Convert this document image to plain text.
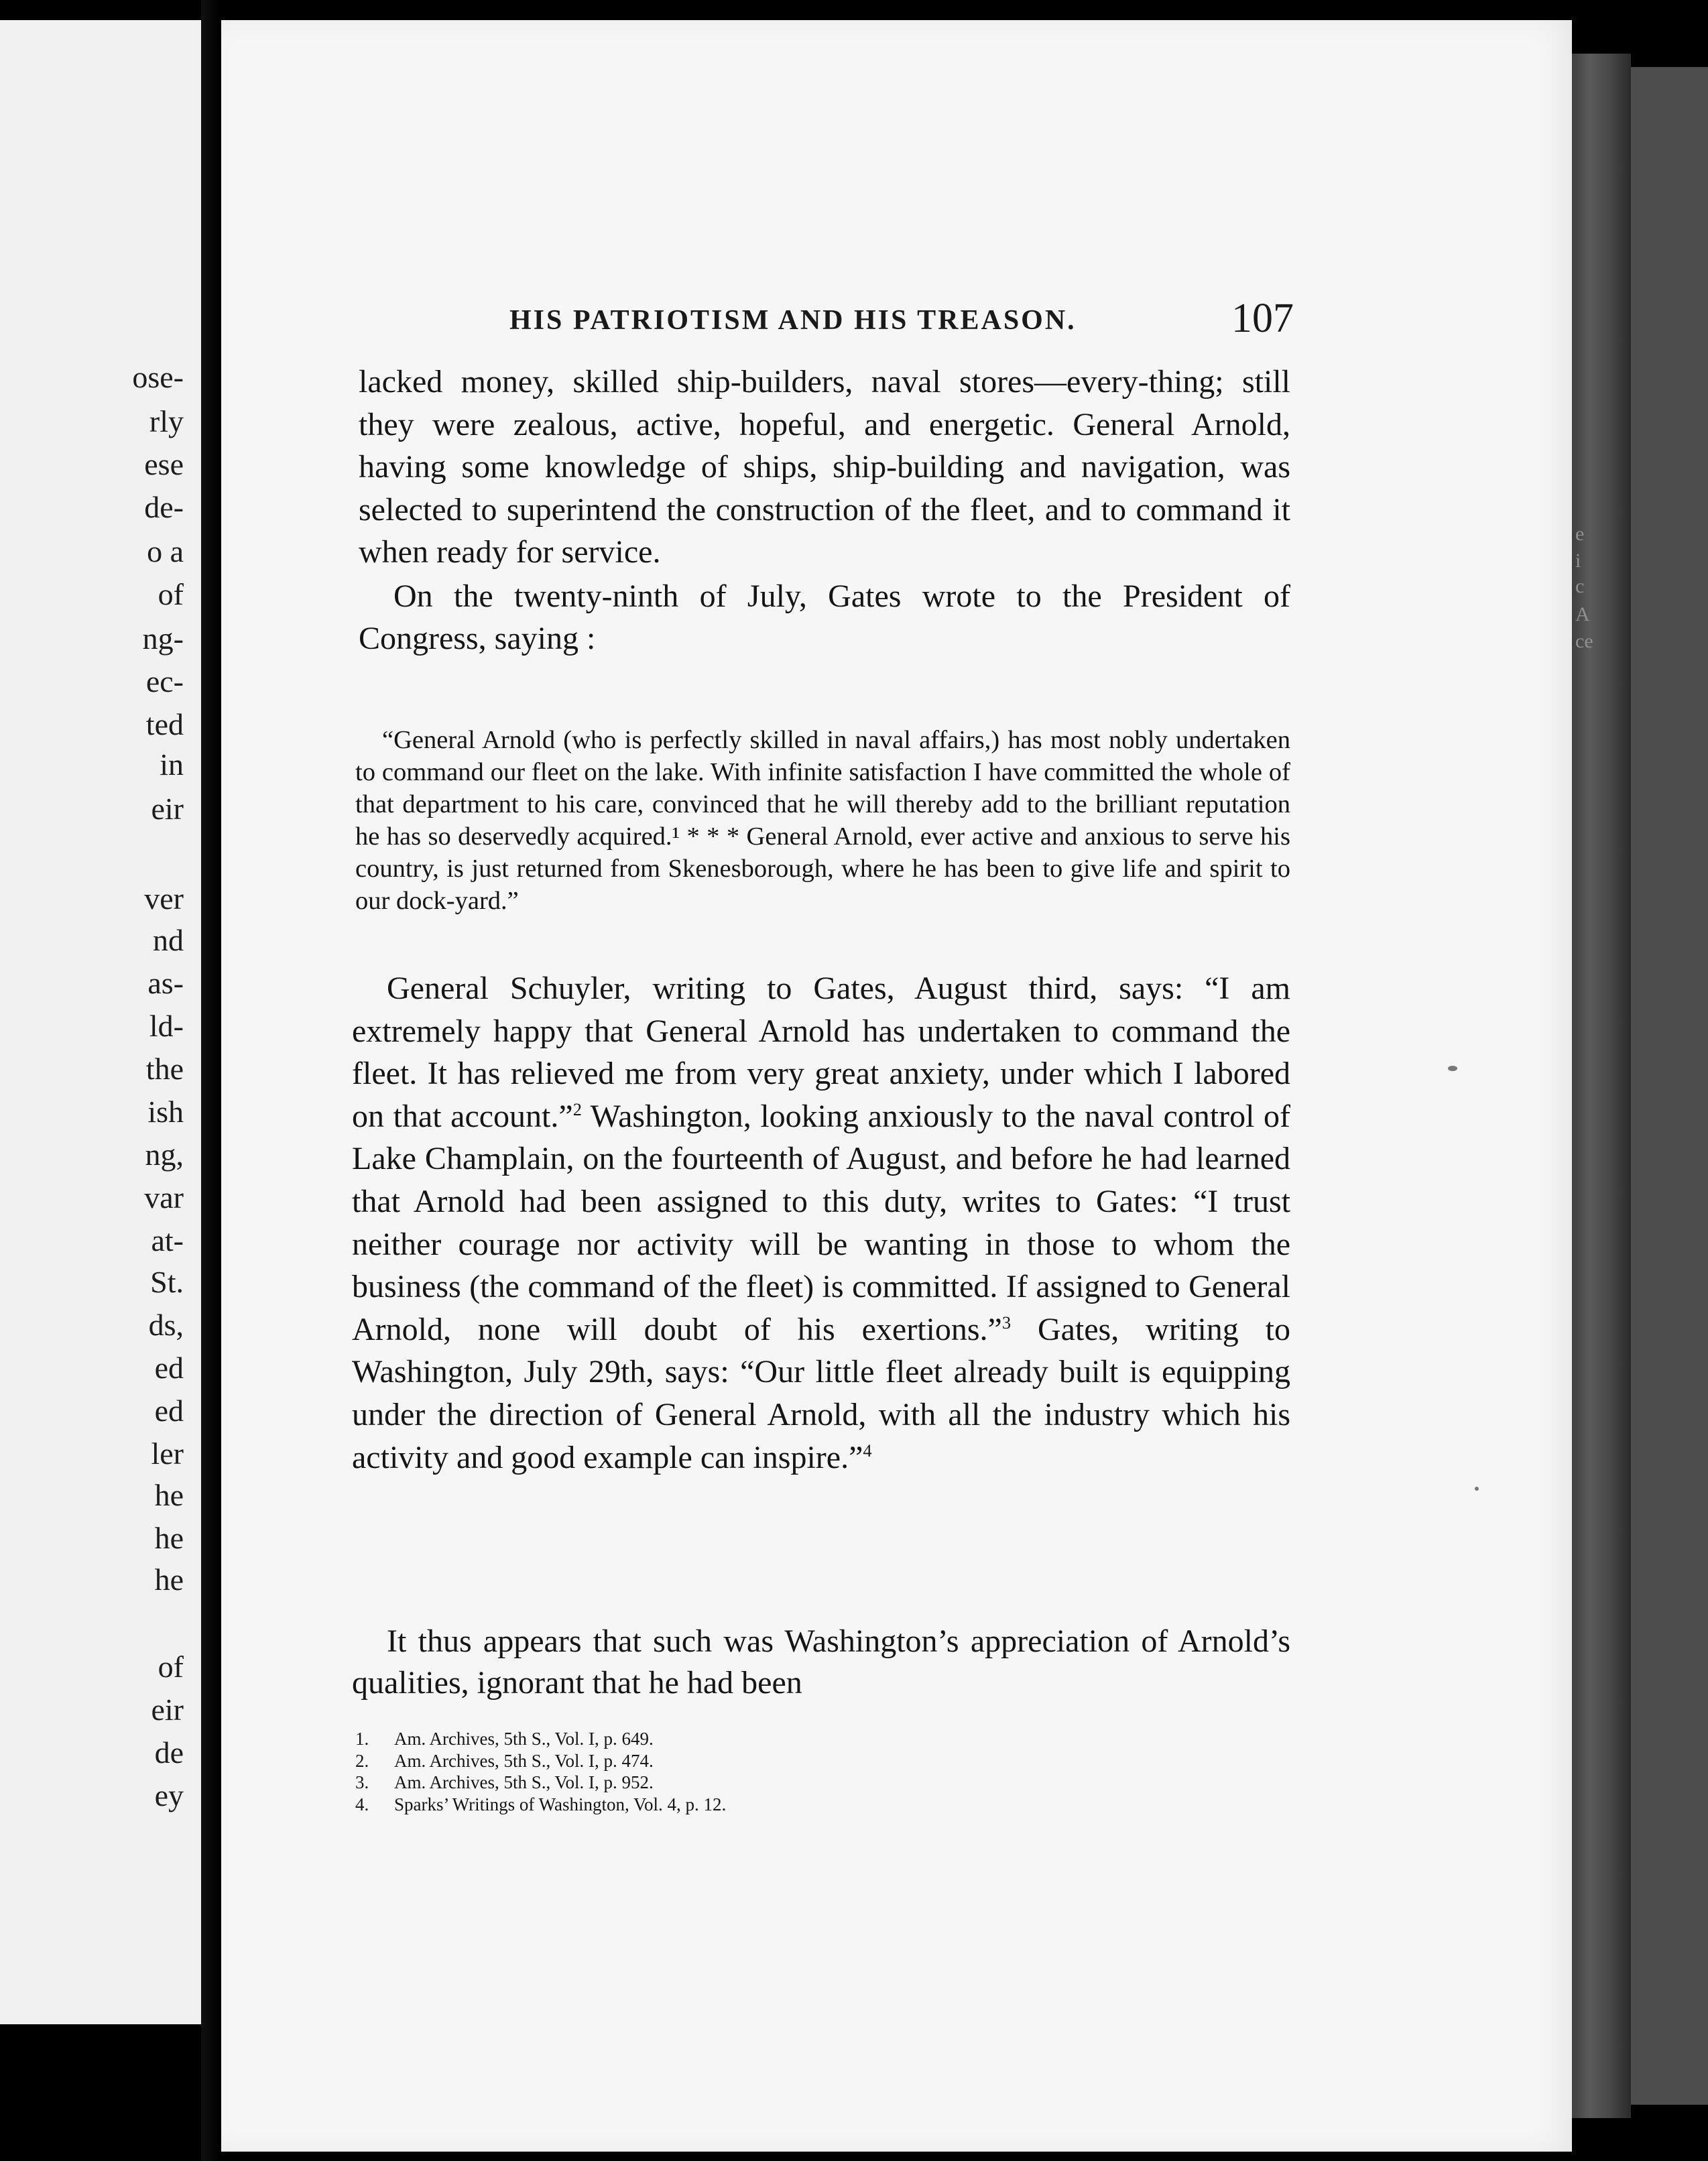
ose-
rly
ese
de-
o a
of
ng-
ec-
ted
in
eir
ver
nd
as-
ld-
the
ish
ng,
var
at-
St.
ds,
ed
ed
ler
he
he
he
of
eir
de
ey
e
i
c
A
ce
HIS PATRIOTISM AND HIS TREASON.	107

lacked money, skilled ship-builders, naval stores—every-thing; still they were zealous, active, hopeful, and energetic. General Arnold, having some knowledge of ships, ship-building and navigation, was selected to superintend the construction of the fleet, and to command it when ready for service.

On the twenty-ninth of July, Gates wrote to the President of Congress, saying :

“General Arnold (who is perfectly skilled in naval affairs,) has most nobly undertaken to command our fleet on the lake. With infinite satisfaction I have committed the whole of that department to his care, convinced that he will thereby add to the brilliant reputation he has so deservedly acquired.¹ * * * General Arnold, ever active and anxious to serve his country, is just returned from Skenesborough, where he has been to give life and spirit to our dock-yard.”

General Schuyler, writing to Gates, August third, says: “I am extremely happy that General Arnold has undertaken to command the fleet. It has relieved me from very great anxiety, under which I labored on that account.”$^2$ Washington, looking anxiously to the naval control of Lake Champlain, on the fourteenth of August, and before he had learned that Arnold had been assigned to this duty, writes to Gates: “I trust neither courage nor activity will be wanting in those to whom the business (the command of the fleet) is committed. If assigned to General Arnold, none will doubt of his exertions.”$^3$ Gates, writing to Washington, July 29th, says: “Our little fleet already built is equipping under the direction of General Arnold, with all the industry which his activity and good example can inspire.”$^4$

It thus appears that such was Washington’s appreciation of Arnold’s qualities, ignorant that he had been

1. Am. Archives, 5th S., Vol. I, p. 649.
2. Am. Archives, 5th S., Vol. I, p. 474.
3. Am. Archives, 5th S., Vol. I, p. 952.
4. Sparks’ Writings of Washington, Vol. 4, p. 12.
